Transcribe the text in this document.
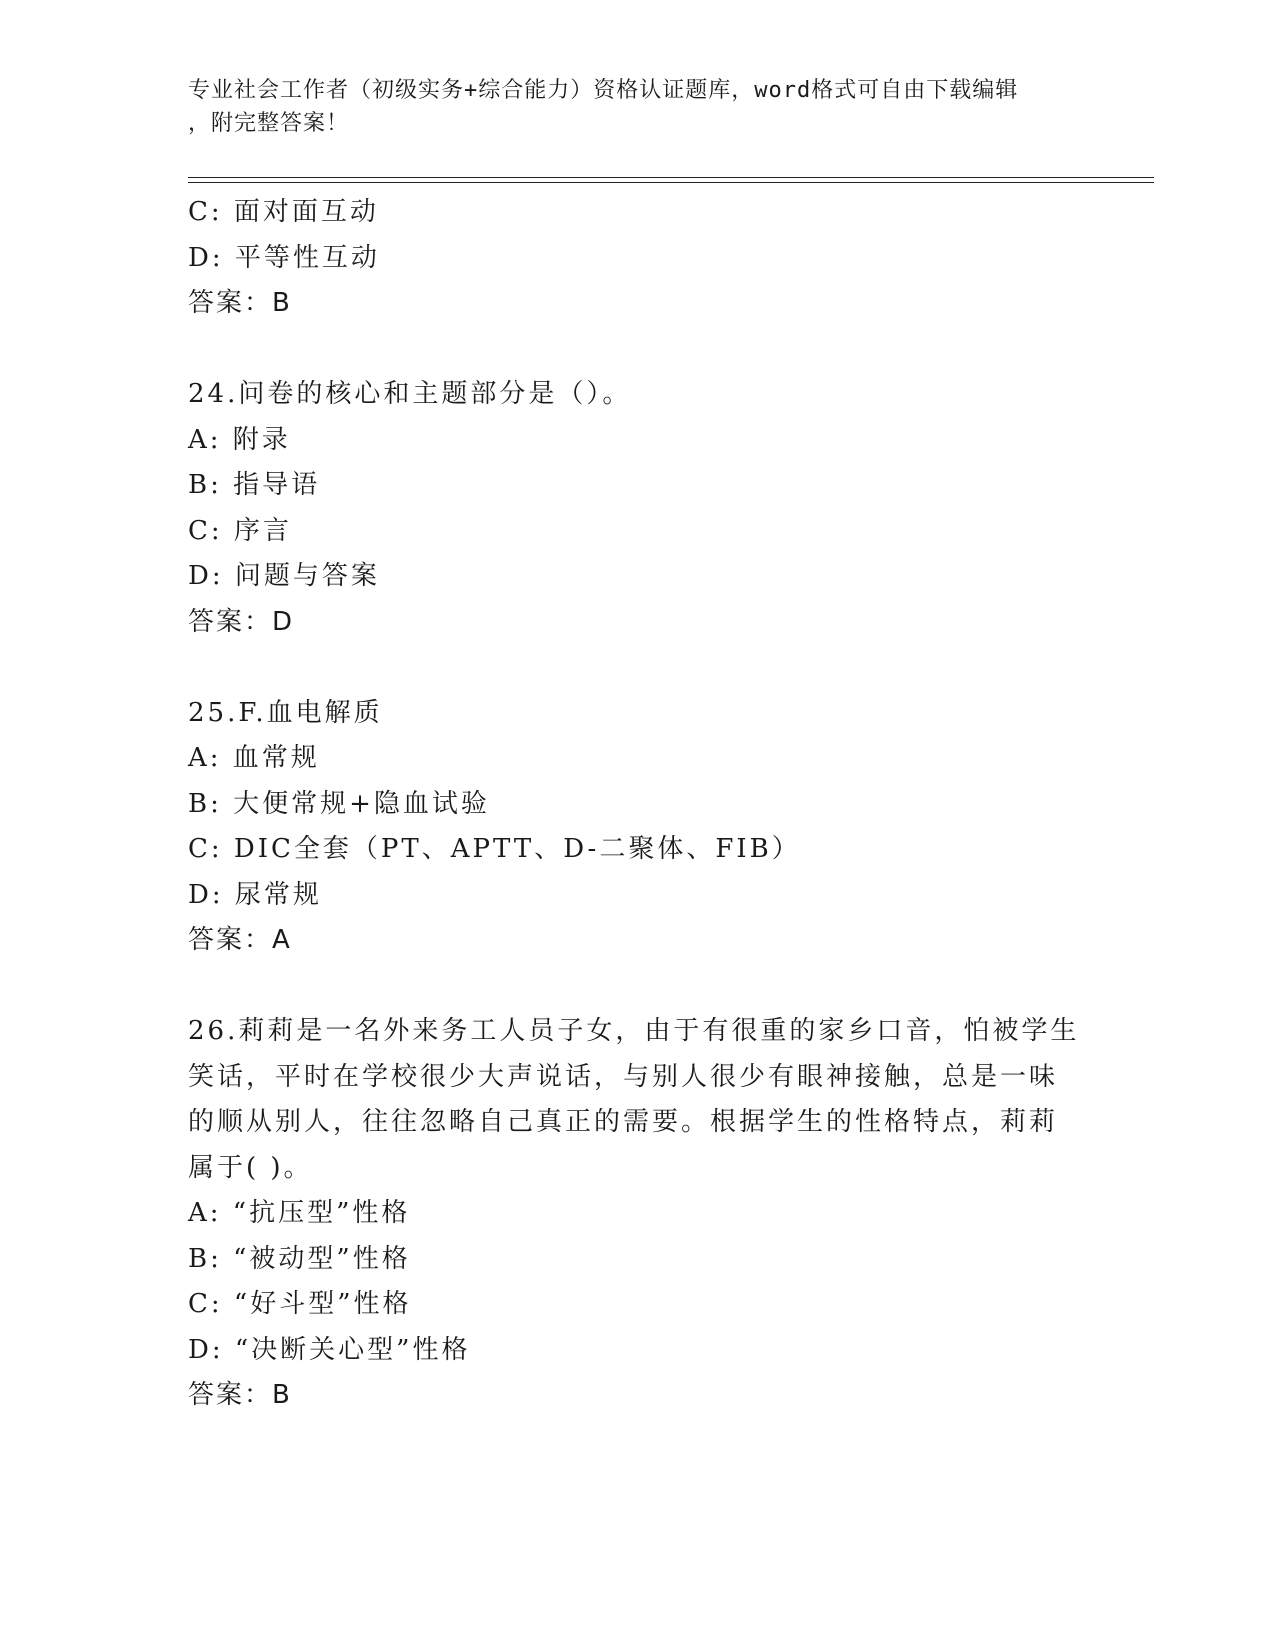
专业社会工作者（初级实务+综合能力）资格认证题库，word格式可自由下载编辑
，附完整答案！
C: 面对面互动
D: 平等性互动
答案：B
24.问卷的核心和主题部分是（）。
A: 附录
B: 指导语
C: 序言
D: 问题与答案
答案：D
25.F.血电解质
A: 血常规
B: 大便常规+隐血试验
C: DIC全套（PT、APTT、D-二聚体、FIB）
D: 尿常规
答案：A
26.莉莉是一名外来务工人员子女，由于有很重的家乡口音，怕被学生
笑话，平时在学校很少大声说话，与别人很少有眼神接触，总是一味
的顺从别人，往往忽略自己真正的需要。根据学生的性格特点，莉莉
属于( )。
A: “抗压型”性格
B: “被动型”性格
C: “好斗型”性格
D: “决断关心型”性格
答案：B
